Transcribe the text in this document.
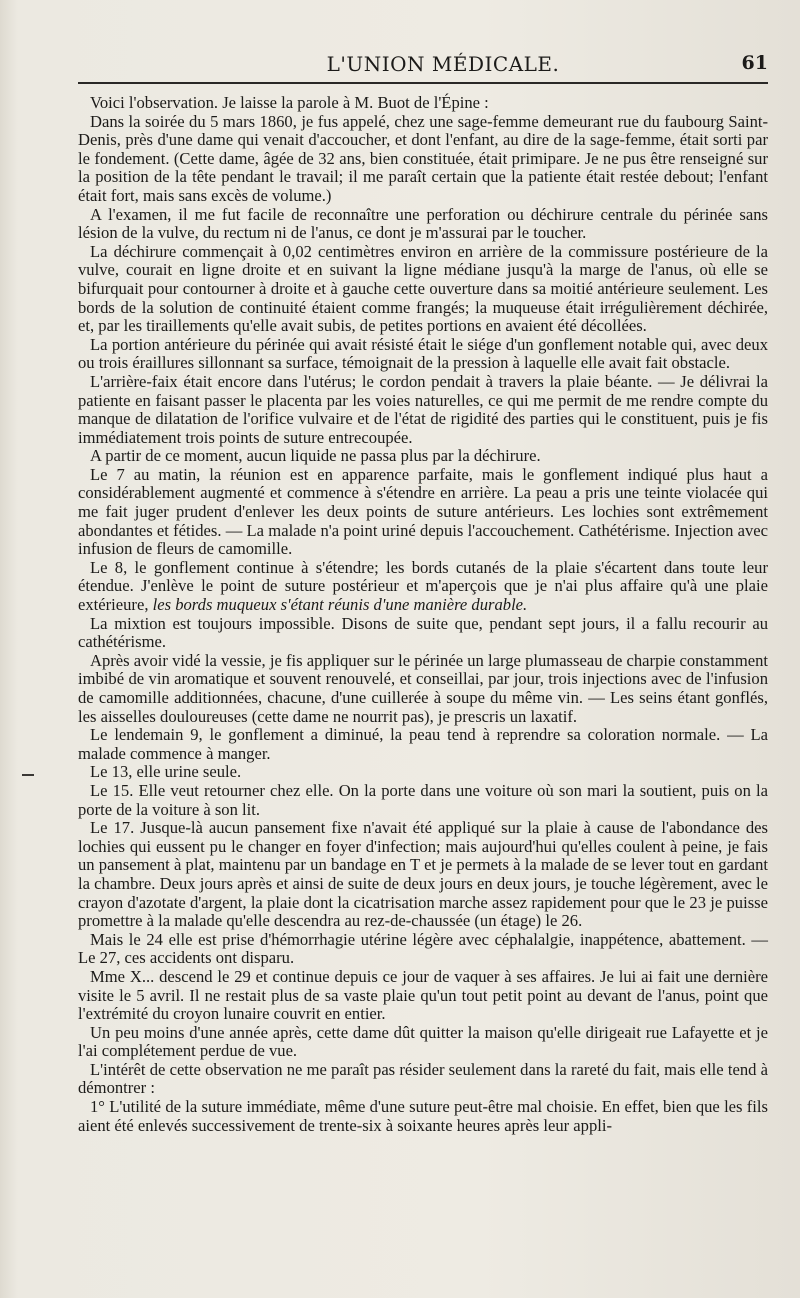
L'UNION MÉDICALE.	61

Voici l'observation. Je laisse la parole à M. Buot de l'Épine :

Dans la soirée du 5 mars 1860, je fus appelé, chez une sage-femme demeurant rue du faubourg Saint-Denis, près d'une dame qui venait d'accoucher, et dont l'enfant, au dire de la sage-femme, était sorti par le fondement. (Cette dame, âgée de 32 ans, bien constituée, était primipare. Je ne pus être renseigné sur la position de la tête pendant le travail; il me paraît certain que la patiente était restée debout; l'enfant était fort, mais sans excès de volume.)

A l'examen, il me fut facile de reconnaître une perforation ou déchirure centrale du périnée sans lésion de la vulve, du rectum ni de l'anus, ce dont je m'assurai par le toucher.

La déchirure commençait à 0,02 centimètres environ en arrière de la commissure postérieure de la vulve, courait en ligne droite et en suivant la ligne médiane jusqu'à la marge de l'anus, où elle se bifurquait pour contourner à droite et à gauche cette ouverture dans sa moitié antérieure seulement. Les bords de la solution de continuité étaient comme frangés; la muqueuse était irrégulièrement déchirée, et, par les tiraillements qu'elle avait subis, de petites portions en avaient été décollées.

La portion antérieure du périnée qui avait résisté était le siége d'un gonflement notable qui, avec deux ou trois éraillures sillonnant sa surface, témoignait de la pression à laquelle elle avait fait obstacle.

L'arrière-faix était encore dans l'utérus; le cordon pendait à travers la plaie béante. — Je délivrai la patiente en faisant passer le placenta par les voies naturelles, ce qui me permit de me rendre compte du manque de dilatation de l'orifice vulvaire et de l'état de rigidité des parties qui le constituent, puis je fis immédiatement trois points de suture entrecoupée.

A partir de ce moment, aucun liquide ne passa plus par la déchirure.

Le 7 au matin, la réunion est en apparence parfaite, mais le gonflement indiqué plus haut a considérablement augmenté et commence à s'étendre en arrière. La peau a pris une teinte violacée qui me fait juger prudent d'enlever les deux points de suture antérieurs. Les lochies sont extrêmement abondantes et fétides. — La malade n'a point uriné depuis l'accouchement. Cathétérisme. Injection avec infusion de fleurs de camomille.

Le 8, le gonflement continue à s'étendre; les bords cutanés de la plaie s'écartent dans toute leur étendue. J'enlève le point de suture postérieur et m'aperçois que je n'ai plus affaire qu'à une plaie extérieure, les bords muqueux s'étant réunis d'une manière durable.

La mixtion est toujours impossible. Disons de suite que, pendant sept jours, il a fallu recourir au cathétérisme.

Après avoir vidé la vessie, je fis appliquer sur le périnée un large plumasseau de charpie constamment imbibé de vin aromatique et souvent renouvelé, et conseillai, par jour, trois injections avec de l'infusion de camomille additionnées, chacune, d'une cuillerée à soupe du même vin. — Les seins étant gonflés, les aisselles douloureuses (cette dame ne nourrit pas), je prescris un laxatif.

Le lendemain 9, le gonflement a diminué, la peau tend à reprendre sa coloration normale. — La malade commence à manger.

Le 13, elle urine seule.

Le 15. Elle veut retourner chez elle. On la porte dans une voiture où son mari la soutient, puis on la porte de la voiture à son lit.

Le 17. Jusque-là aucun pansement fixe n'avait été appliqué sur la plaie à cause de l'abondance des lochies qui eussent pu le changer en foyer d'infection; mais aujourd'hui qu'elles coulent à peine, je fais un pansement à plat, maintenu par un bandage en T et je permets à la malade de se lever tout en gardant la chambre. Deux jours après et ainsi de suite de deux jours en deux jours, je touche légèrement, avec le crayon d'azotate d'argent, la plaie dont la cicatrisation marche assez rapidement pour que le 23 je puisse promettre à la malade qu'elle descendra au rez-de-chaussée (un étage) le 26.

Mais le 24 elle est prise d'hémorrhagie utérine légère avec céphalalgie, inappétence, abattement. — Le 27, ces accidents ont disparu.

Mme X... descend le 29 et continue depuis ce jour de vaquer à ses affaires. Je lui ai fait une dernière visite le 5 avril. Il ne restait plus de sa vaste plaie qu'un tout petit point au devant de l'anus, point que l'extrémité du croyon lunaire couvrit en entier.

Un peu moins d'une année après, cette dame dût quitter la maison qu'elle dirigeait rue Lafayette et je l'ai complétement perdue de vue.

L'intérêt de cette observation ne me paraît pas résider seulement dans la rareté du fait, mais elle tend à démontrer :

1° L'utilité de la suture immédiate, même d'une suture peut-être mal choisie. En effet, bien que les fils aient été enlevés successivement de trente-six à soixante heures après leur appli-
